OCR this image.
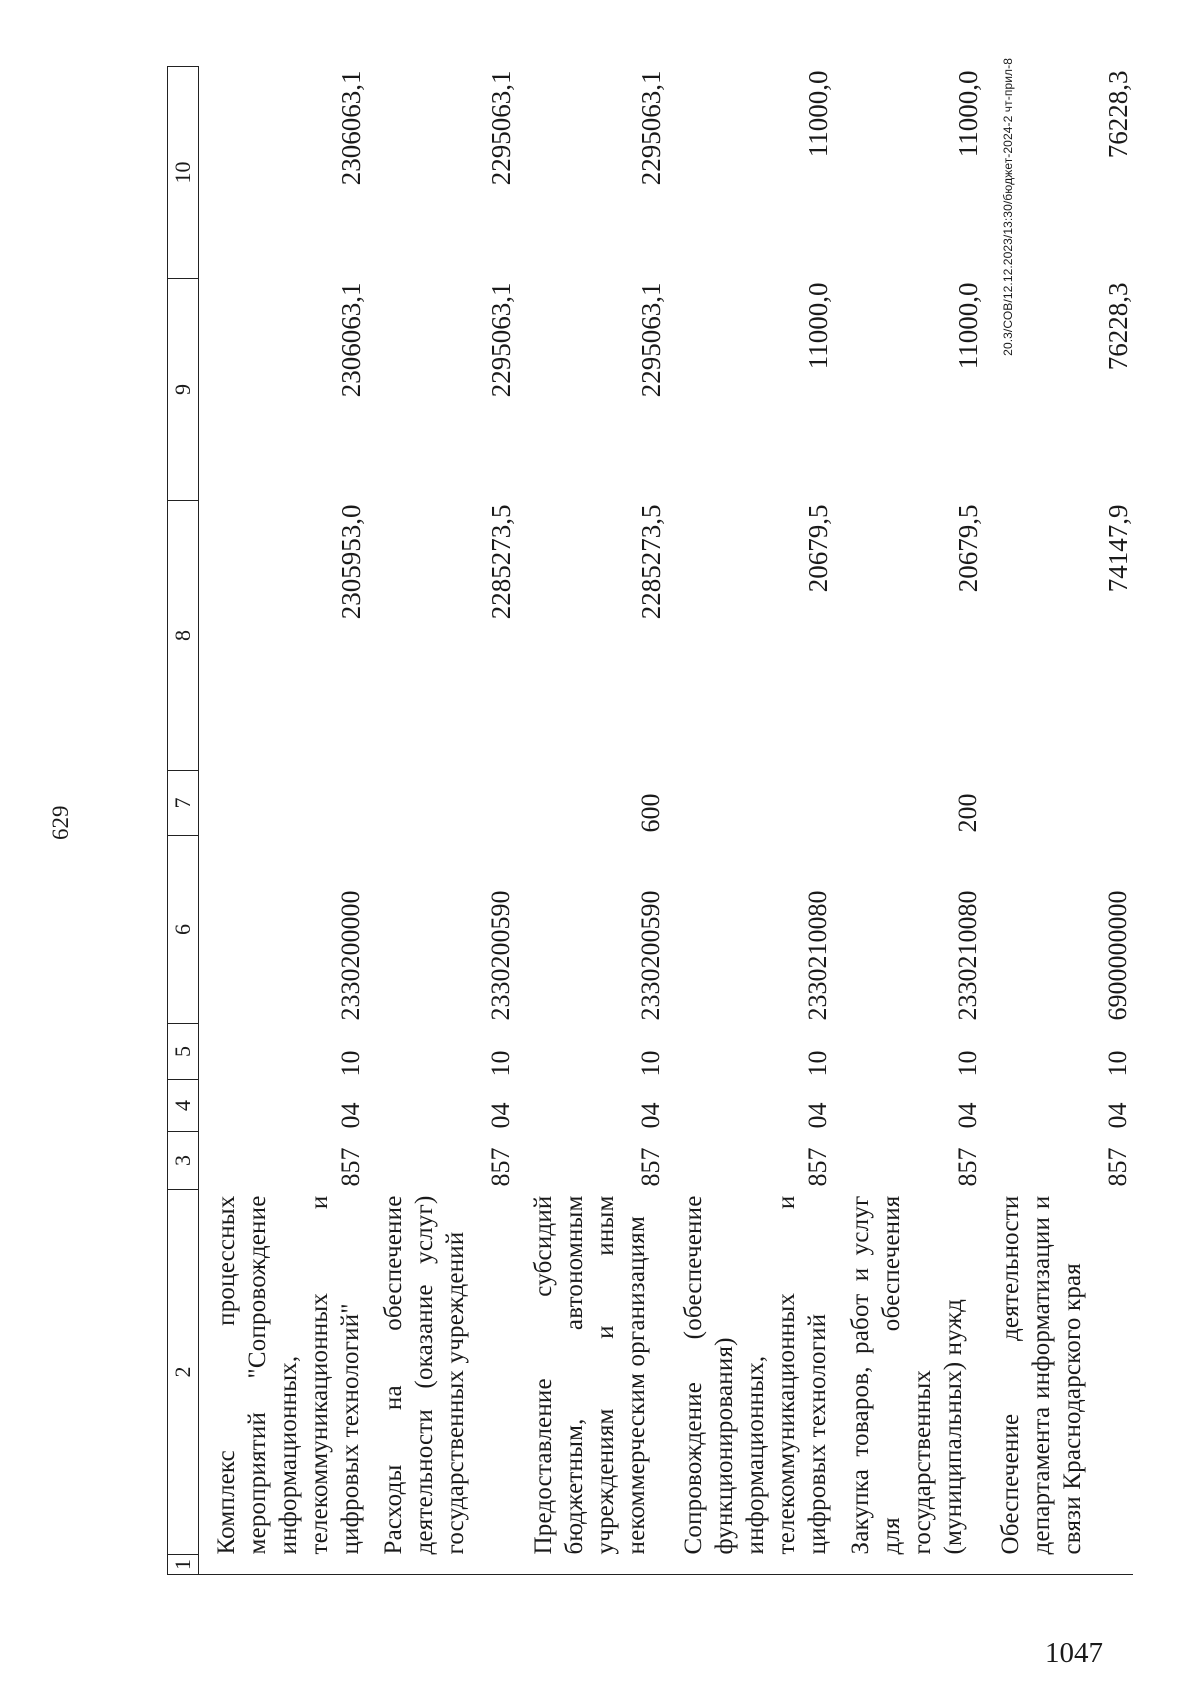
629
1	2	3	4	5	6	7	8	9	10
	Комплекс процессных мероприятий "Сопровождение информационных, телекоммуникационных и цифровых технологий"	857	04	10	2330200000		2305953,0	2306063,1	2306063,1
	Расходы на обеспечение деятельности (оказание услуг) государственных учреждений	857	04	10	2330200590		2285273,5	2295063,1	2295063,1
	Предоставление субсидий бюджетным, автономным учреждениям и иным некоммерческим организациям	857	04	10	2330200590	600	2285273,5	2295063,1	2295063,1
	Сопровождение (обеспечение функционирования) информационных, телекоммуникационных и цифровых технологий	857	04	10	2330210080		20679,5	11000,0	11000,0
	Закупка товаров, работ и услуг для обеспечения государственных (муниципальных) нужд	857	04	10	2330210080	200	20679,5	11000,0	11000,0
	Обеспечение деятельности департамента информатизации и связи Краснодарского края	857	04	10	6900000000		74147,9	76228,3	76228,3
20.3/СОВ/12.12.2023/13:30/бюджет-2024-2 чт-прил-8
1047
